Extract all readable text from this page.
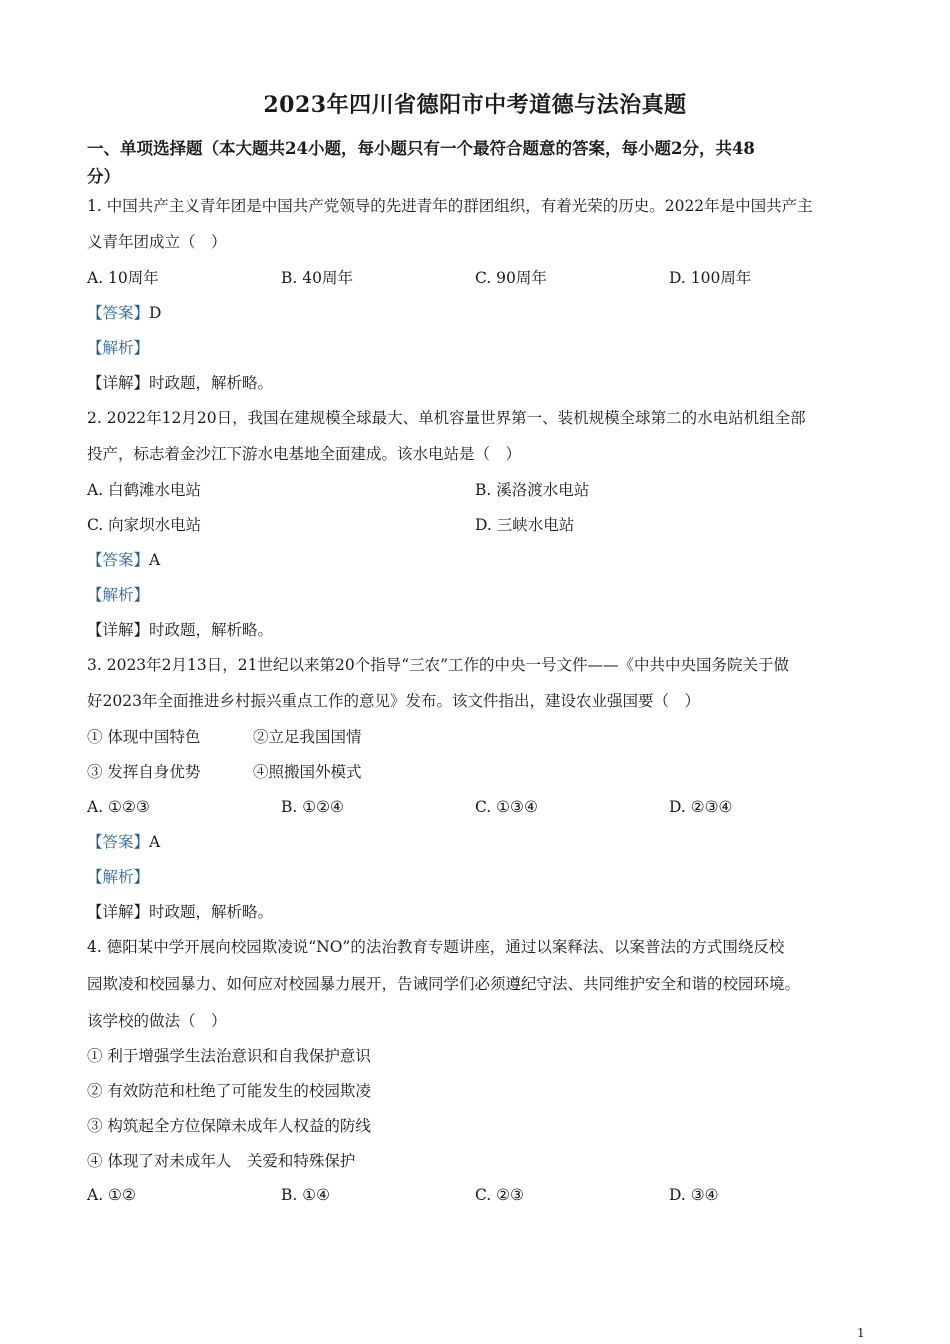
2023年四川省德阳市中考道德与法治真题
一、单项选择题（本大题共24小题，每小题只有一个最符合题意的答案，每小题2分，共48
分）
1. 中国共产主义青年团是中国共产党领导的先进青年的群团组织，有着光荣的历史。2022年是中国共产主
义青年团成立（　）
A. 10周年	B. 40周年	C. 90周年	D. 100周年
【答案】D
【解析】
【详解】时政题，解析略。
2. 2022年12月20日，我国在建规模全球最大、单机容量世界第一、装机规模全球第二的水电站机组全部
投产，标志着金沙江下游水电基地全面建成。该水电站是（　）
A. 白鹤滩水电站	B. 溪洛渡水电站
C. 向家坝水电站	D. 三峡水电站
【答案】A
【解析】
【详解】时政题，解析略。
3. 2023年2月13日，21世纪以来第20个指导“三农”工作的中央一号文件——《中共中央国务院关于做
好2023年全面推进乡村振兴重点工作的意见》发布。该文件指出，建设农业强国要（　）
① 体现中国特色	②立足我国国情
③ 发挥自身优势	④照搬国外模式
A. ①②③	B. ①②④	C. ①③④	D. ②③④
【答案】A
【解析】
【详解】时政题，解析略。
4. 德阳某中学开展向校园欺凌说“NO”的法治教育专题讲座，通过以案释法、以案普法的方式围绕反校
园欺凌和校园暴力、如何应对校园暴力展开，告诫同学们必须遵纪守法、共同维护安全和谐的校园环境。
该学校的做法（　）
① 利于增强学生法治意识和自我保护意识
② 有效防范和杜绝了可能发生的校园欺凌
③ 构筑起全方位保障未成年人权益的防线
④ 体现了对未成年人　关爱和特殊保护
A. ①②	B. ①④	C. ②③	D. ③④
1
